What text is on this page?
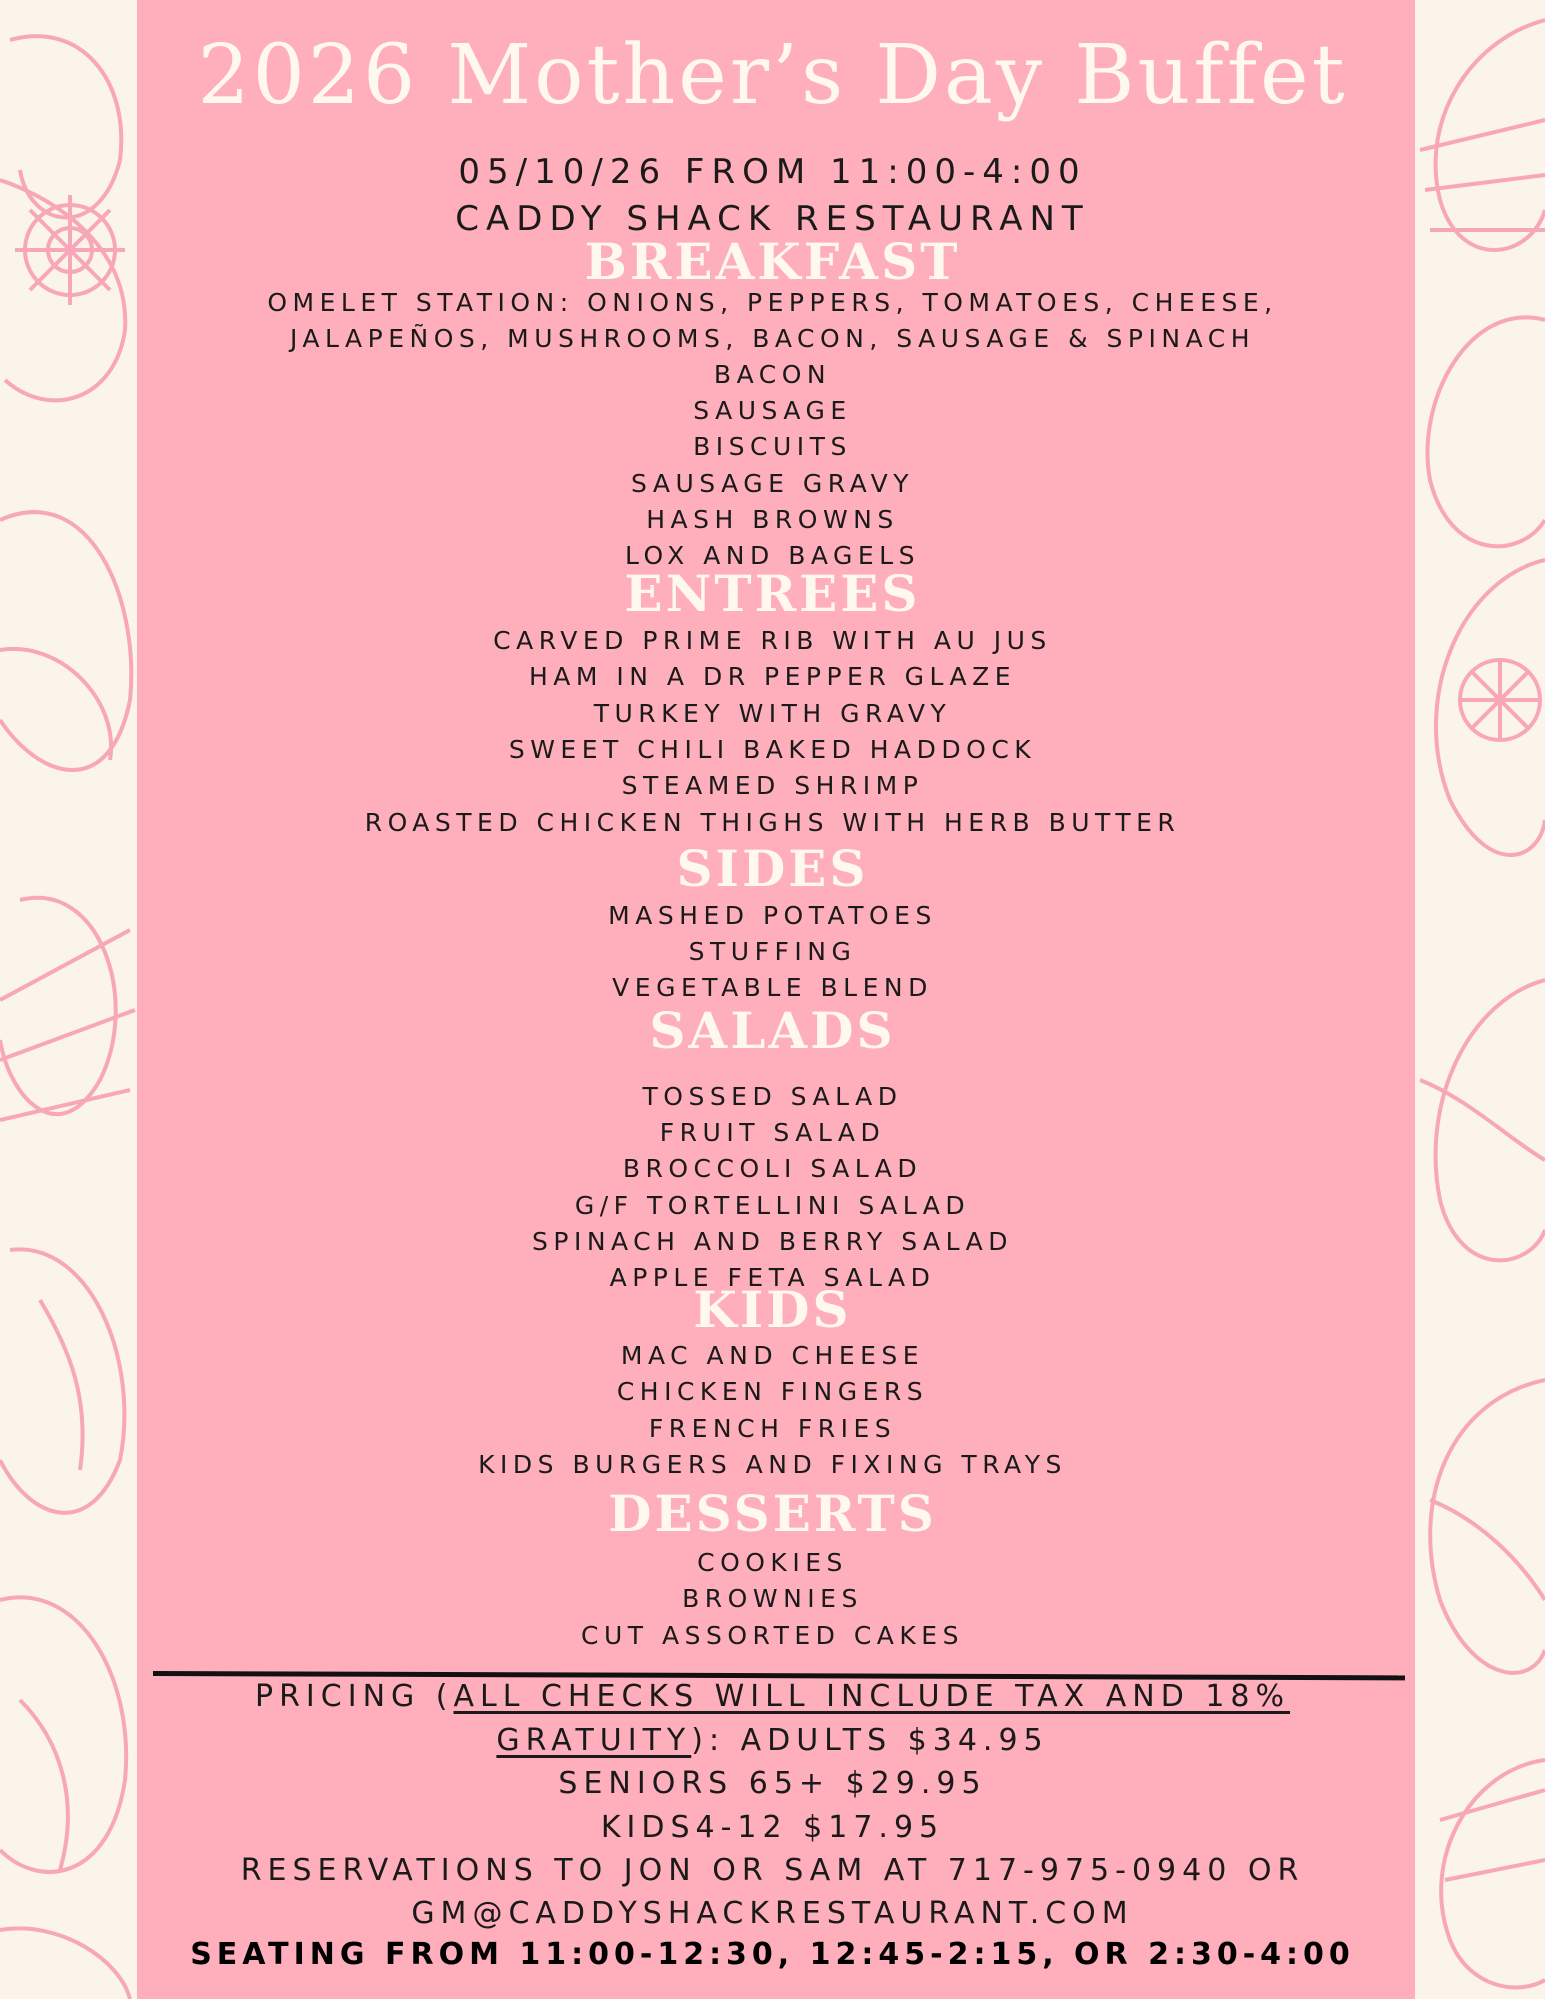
2026 Mother’s Day Buffet
05/10/26 FROM 11:00-4:00
CADDY SHACK RESTAURANT
BREAKFAST
OMELET STATION: ONIONS, PEPPERS, TOMATOES, CHEESE,
JALAPEÑOS, MUSHROOMS, BACON, SAUSAGE & SPINACH
BACON
SAUSAGE
BISCUITS
SAUSAGE GRAVY
HASH BROWNS
LOX AND BAGELS
ENTREES
CARVED PRIME RIB WITH AU JUS
HAM IN A DR PEPPER GLAZE
TURKEY WITH GRAVY
SWEET CHILI BAKED HADDOCK
STEAMED SHRIMP
ROASTED CHICKEN THIGHS WITH HERB BUTTER
SIDES
MASHED POTATOES
STUFFING
VEGETABLE BLEND
SALADS
TOSSED SALAD
FRUIT SALAD
BROCCOLI SALAD
G/F TORTELLINI SALAD
SPINACH AND BERRY SALAD
APPLE FETA SALAD
KIDS
MAC AND CHEESE
CHICKEN FINGERS
FRENCH FRIES
KIDS BURGERS AND FIXING TRAYS
DESSERTS
COOKIES
BROWNIES
CUT ASSORTED CAKES
PRICING (ALL CHECKS WILL INCLUDE TAX AND 18%
GRATUITY): ADULTS $34.95
SENIORS 65+ $29.95
KIDS4-12 $17.95
RESERVATIONS TO JON OR SAM AT 717-975-0940 OR
GM@CADDYSHACKRESTAURANT.COM
SEATING FROM 11:00-12:30, 12:45-2:15, OR 2:30-4:00
